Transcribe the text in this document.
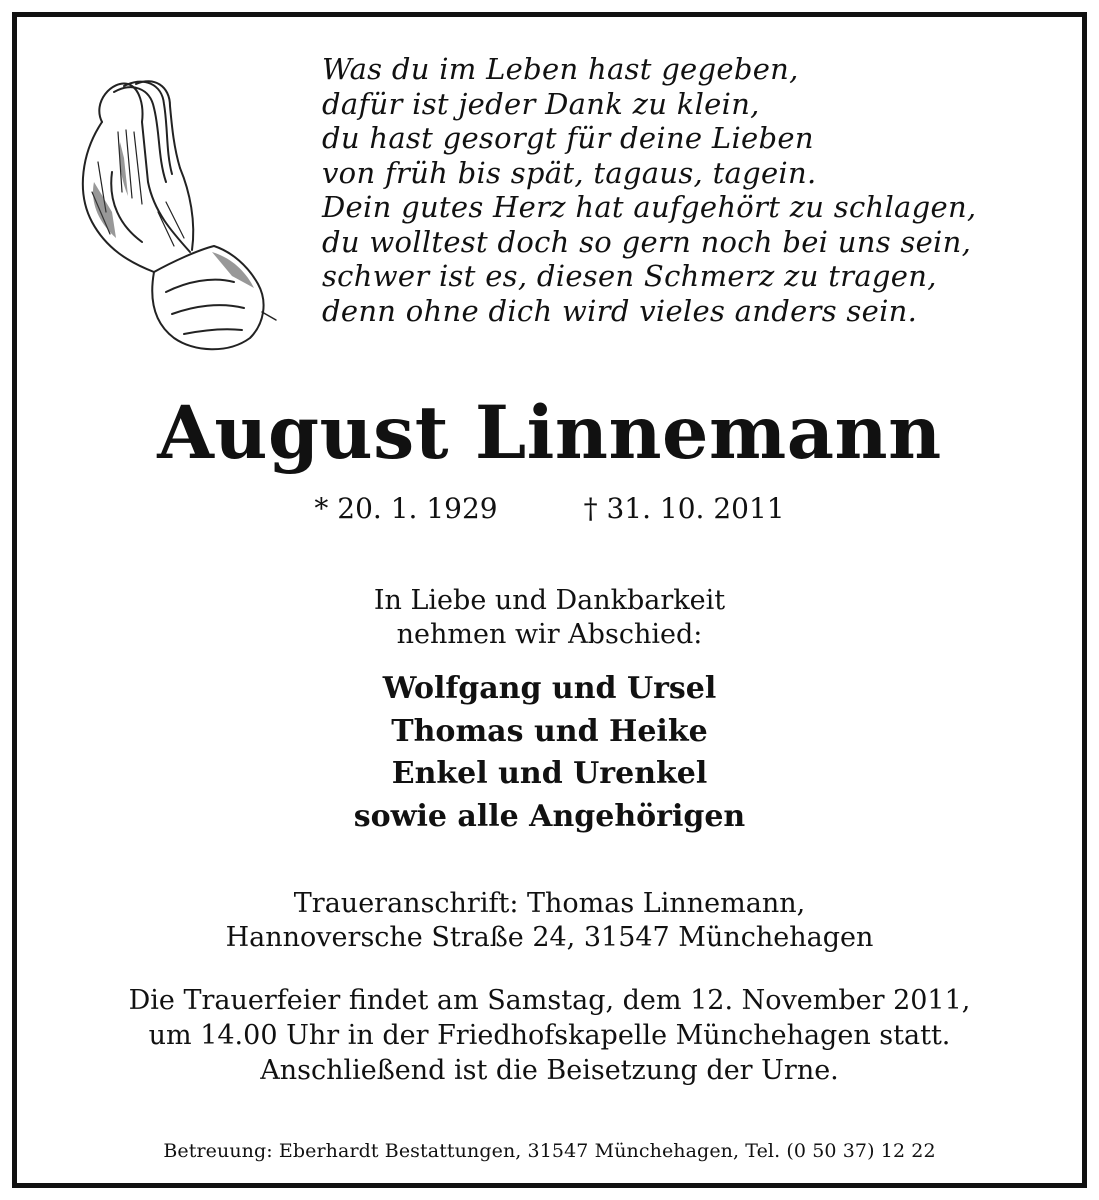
Was du im Leben hast gegeben,
dafür ist jeder Dank zu klein,
du hast gesorgt für deine Lieben
von früh bis spät, tagaus, tagein.
Dein gutes Herz hat aufgehört zu schlagen,
du wolltest doch so gern noch bei uns sein,
schwer ist es, diesen Schmerz zu tragen,
denn ohne dich wird vieles anders sein.
August Linnemann
* 20. 1. 1929	† 31. 10. 2011
In Liebe und Dankbarkeit
nehmen wir Abschied:
Wolfgang und Ursel
Thomas und Heike
Enkel und Urenkel
sowie alle Angehörigen
Traueranschrift: Thomas Linnemann,
Hannoversche Straße 24, 31547 Münchehagen
Die Trauerfeier findet am Samstag, dem 12. November 2011,
um 14.00 Uhr in der Friedhofskapelle Münchehagen statt.
Anschließend ist die Beisetzung der Urne.
Betreuung: Eberhardt Bestattungen, 31547 Münchehagen, Tel. (0 50 37) 12 22
